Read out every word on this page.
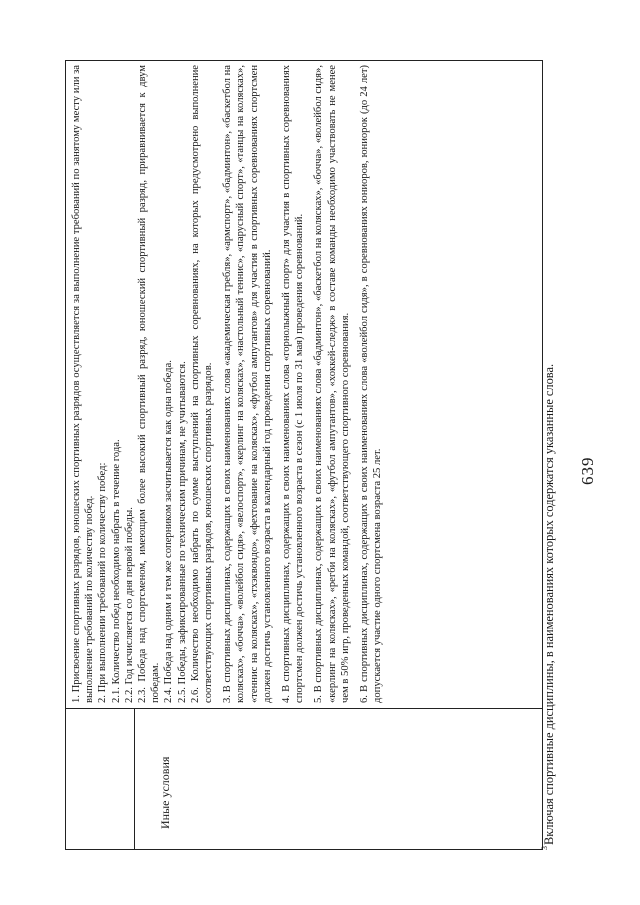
639
Иные условия

1. Присвоение спортивных разрядов, юношеских спортивных разрядов осуществляется за выполнение требований по занятому месту или за выполнение требований по количеству побед. 2. При выполнении требований по количеству побед: 2.1. Количество побед необходимо набрать в течение года. 2.2. Год исчисляется со дня первой победы. 2.3. Победа над спортсменом, имеющим более высокий спортивный разряд, юношеский спортивный разряд, приравнивается к двум победам. 2.4. Победа над одним и тем же соперником засчитывается как одна победа. 2.5. Победы, зафиксированные по техническим причинам, не учитываются. 2.6. Количество необходимо набрать по сумме выступлений на спортивных соревнованиях, на которых предусмотрено выполнение соответствующих спортивных разрядов, юношеских спортивных разрядов. 3. В спортивных дисциплинах, содержащих в своих наименованиях слова «академическая гребля», «армспорт», «бадминтон», «баскетбол на колясках», «бочча», «волейбол сидя», «велоспорт», «керлинг на колясках», «настольный теннис», «парусный спорт», «танцы на колясках», «теннис на колясках», «тхэквондо», «фехтование на колясках», «футбол ампутантов» для участия в спортивных соревнованиях спортсмен должен достичь установленного возраста в календарный год проведения спортивных соревнований. 4. В спортивных дисциплинах, содержащих в своих наименованиях слова «горнолыжный спорт» для участия в спортивных соревнованиях спортсмен должен достичь установленного возраста в сезон (с 1 июля по 31 мая) проведения соревнований. 5. В спортивных дисциплинах, содержащих в своих наименованиях слова «бадминтон», «баскетбол на колясках», «бочча», «волейбол сидя», «керлинг на колясках», «регби на колясках», «футбол ампутантов», «хоккей-следж» в составе команды необходимо участвовать не менее чем в 50% игр, проведенных командой, соответствующего спортивного соревнования. 6. В спортивных дисциплинах, содержащих в своих наименованиях слова «волейбол сидя», в соревнованиях юниоров, юниорок (до 24 лет) допускается участие одного спортсмена возраста 25 лет.

$^3$Включая спортивные дисциплины, в наименованиях которых содержатся указанные слова.
